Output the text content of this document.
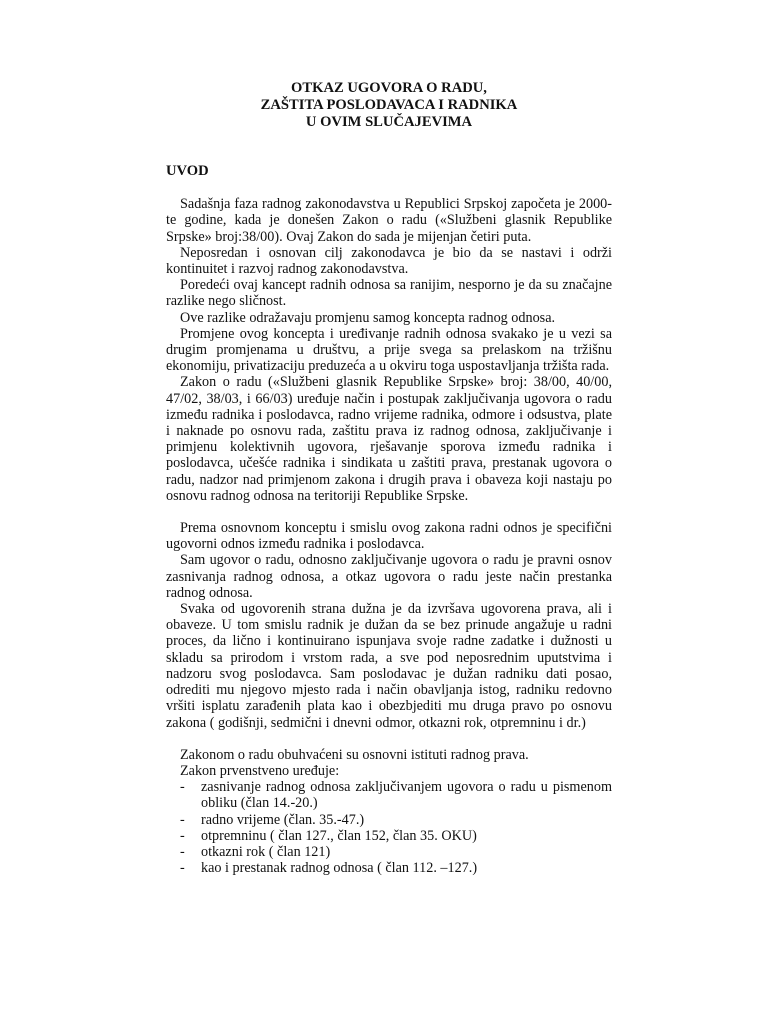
OTKAZ UGOVORA O RADU,

ZAŠTITA POSLODAVACA I RADNIKA

U OVIM SLUČAJEVIMA

UVOD

Sadašnja faza radnog zakonodavstva u Republici Srpskoj započeta je 2000-te godine, kada je donešen Zakon o radu («Službeni glasnik Republike Srpske» broj:38/00). Ovaj Zakon do sada je mijenjan četiri puta.

Neposredan i osnovan cilj zakonodavca je bio da se nastavi i održi kontinuitet i razvoj radnog zakonodavstva.

Poredeći ovaj kancept radnih odnosa sa ranijim, nesporno je da su značajne razlike nego sličnost.

Ove razlike odražavaju promjenu samog koncepta radnog odnosa.

Promjene ovog koncepta i uređivanje radnih odnosa svakako je u vezi sa drugim promjenama u društvu, a prije svega sa prelaskom na tržišnu ekonomiju, privatizaciju preduzeća a u okviru toga uspostavljanja tržišta rada.

Zakon o radu («Službeni glasnik Republike Srpske» broj: 38/00, 40/00, 47/02, 38/03, i 66/03) uređuje način i postupak zaključivanja ugovora o radu između radnika i poslodavca, radno vrijeme radnika, odmore i odsustva, plate i naknade po osnovu rada, zaštitu prava iz radnog odnosa, zaključivanje i primjenu kolektivnih ugovora, rješavanje sporova između radnika i poslodavca, učešće radnika i sindikata u zaštiti prava, prestanak ugovora o radu, nadzor nad primjenom zakona i drugih prava i obaveza koji nastaju po osnovu radnog odnosa na teritoriji Republike Srpske.

Prema osnovnom konceptu i smislu ovog zakona radni odnos je specifični ugovorni odnos između radnika i poslodavca.

Sam ugovor o radu, odnosno zaključivanje ugovora o radu je pravni osnov zasnivanja radnog odnosa, a otkaz ugovora o radu jeste način prestanka radnog odnosa.

Svaka od ugovorenih strana dužna je da izvršava ugovorena prava, ali i obaveze. U tom smislu radnik je dužan da se bez prinude angažuje u radni proces, da lično i kontinuirano ispunjava svoje radne zadatke i dužnosti u skladu sa prirodom i vrstom rada, a sve pod neposrednim uputstvima i nadzoru svog poslodavca. Sam poslodavac je dužan radniku dati posao, odrediti mu njegovo mjesto rada i način obavljanja istog, radniku redovno vršiti isplatu zarađenih plata kao i obezbjediti mu druga pravo po osnovu zakona ( godišnji, sedmični i dnevni odmor, otkazni rok, otpremninu i dr.)

Zakonom o radu obuhvaćeni su osnovni istituti radnog prava.

Zakon prvenstveno uređuje:

- zasnivanje radnog odnosa zaključivanjem ugovora o radu u pismenom obliku (član 14.-20.)
- radno vrijeme (član. 35.-47.)
- otpremninu ( član 127., član 152, član 35. OKU)
- otkazni rok ( član 121)
- kao i prestanak radnog odnosa ( član 112. –127.)
